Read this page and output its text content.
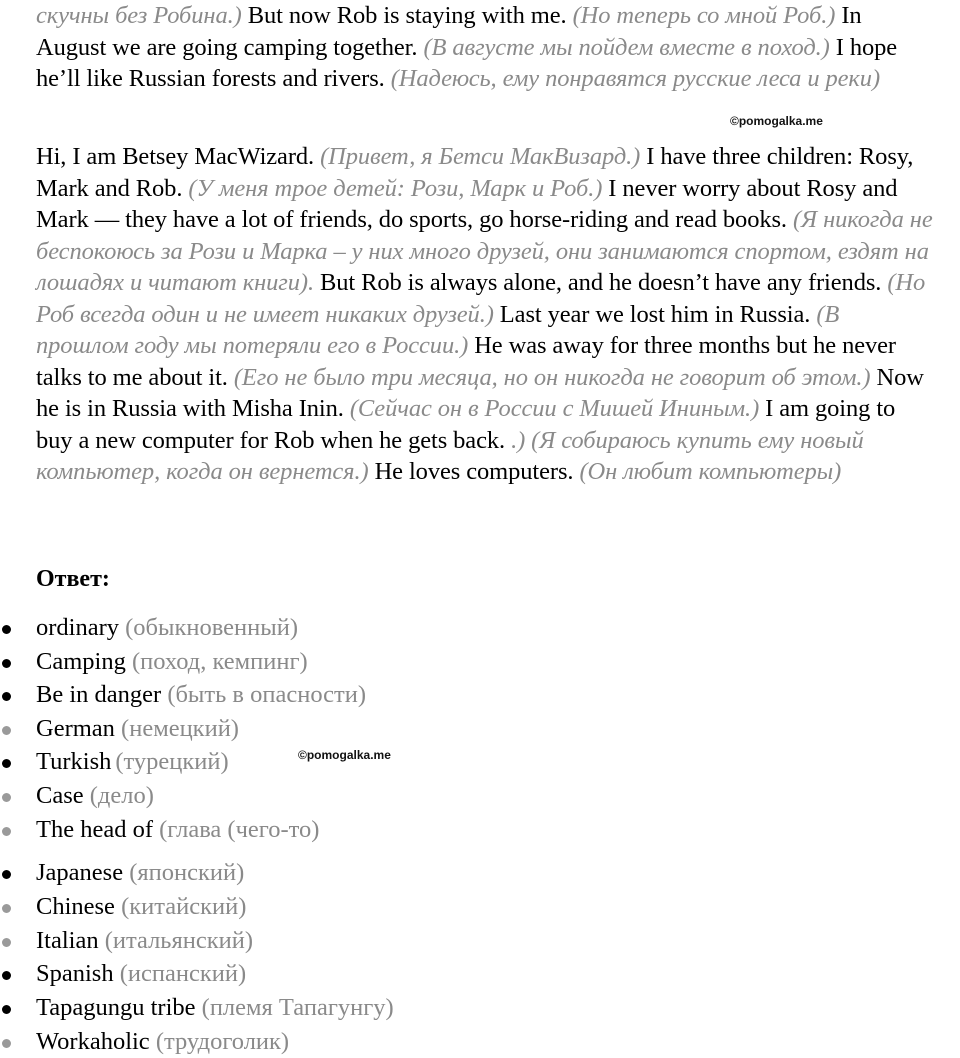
скучны без Робина.) But now Rob is staying with me. (Но теперь со мной Роб.) In August we are going camping together. (В августе мы пойдем вместе в поход.) I hope he’ll like Russian forests and rivers. (Надеюсь, ему понравятся русские леса и реки)
©pomogalka.me
Hi, I am Betsey MacWizard. (Привет, я Бетси МакВизард.) I have three children: Rosy, Mark and Rob. (У меня трое детей: Рози, Марк и Роб.) I never worry about Rosy and Mark — they have a lot of friends, do sports, go horse-riding and read books. (Я никогда не беспокоюсь за Рози и Марка – у них много друзей, они занимаются спортом, ездят на лошадях и читают книги). But Rob is always alone, and he doesn’t have any friends. (Но Роб всегда один и не имеет никаких друзей.) Last year we lost him in Russia. (В прошлом году мы потеряли его в России.) He was away for three months but he never talks to me about it. (Его не было три месяца, но он никогда не говорит об этом.) Now he is in Russia with Misha Inin. (Сейчас он в России с Мишей Ининым.) I am going to buy a new computer for Rob when he gets back. .) (Я собираюсь купить ему новый компьютер, когда он вернется.) He loves computers. (Он любит компьютеры)
Ответ:
ordinary (обыкновенный)
Camping (поход, кемпинг)
Be in danger (быть в опасности)
German (немецкий)
Turkish (турецкий)
Case (дело)
The head of (глава (чего-то)
Japanese (японский)
Chinese (китайский)
Italian (итальянский)
Spanish (испанский)
Tapagungu tribe (племя Тапагунгу)
Workaholic (трудоголик)
©pomogalka.me
